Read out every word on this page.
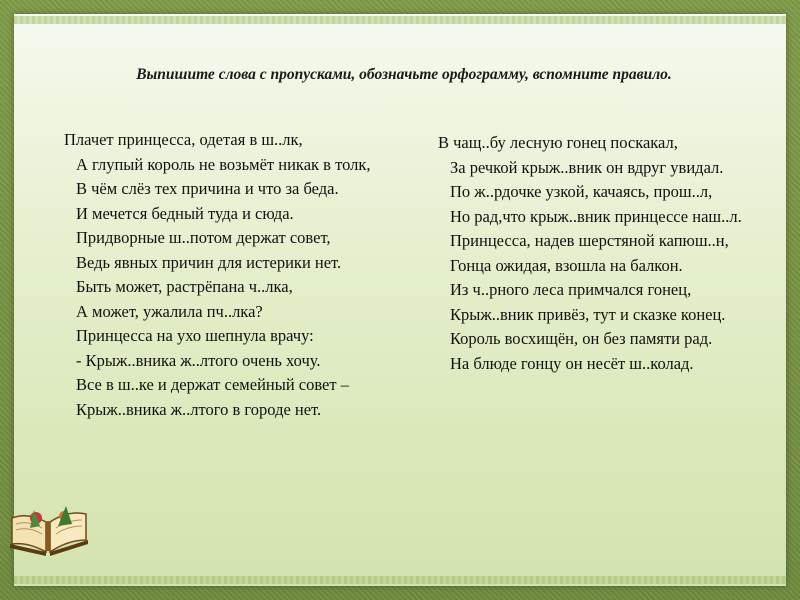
Выпишите слова с пропусками, обозначьте орфограмму, вспомните правило.
Плачет принцесса, одетая в ш..лк,
А глупый король не возьмёт никак в толк,
В чём слёз тех причина и что за беда.
И мечется бедный туда и сюда.
Придворные ш..потом держат совет,
Ведь явных причин для истерики нет.
Быть может, растрёпана ч..лка,
А может, ужалила пч..лка?
Принцесса на ухо шепнула врачу:
- Крыж..вника ж..лтого очень хочу.
Все в ш..ке и держат семейный совет –
Крыж..вника ж..лтого в городе нет.
В чащ..бу лесную гонец поскакал,
За речкой крыж..вник он вдруг увидал.
По ж..рдочке узкой, качаясь, прош..л,
Но рад,что крыж..вник принцессе наш..л.
Принцесса, надев шерстяной капюш..н,
Гонца ожидая, взошла на балкон.
Из ч..рного леса примчался гонец,
Крыж..вник привёз, тут и сказке конец.
Король восхищён, он без памяти рад.
На блюде гонцу он несёт ш..колад.
